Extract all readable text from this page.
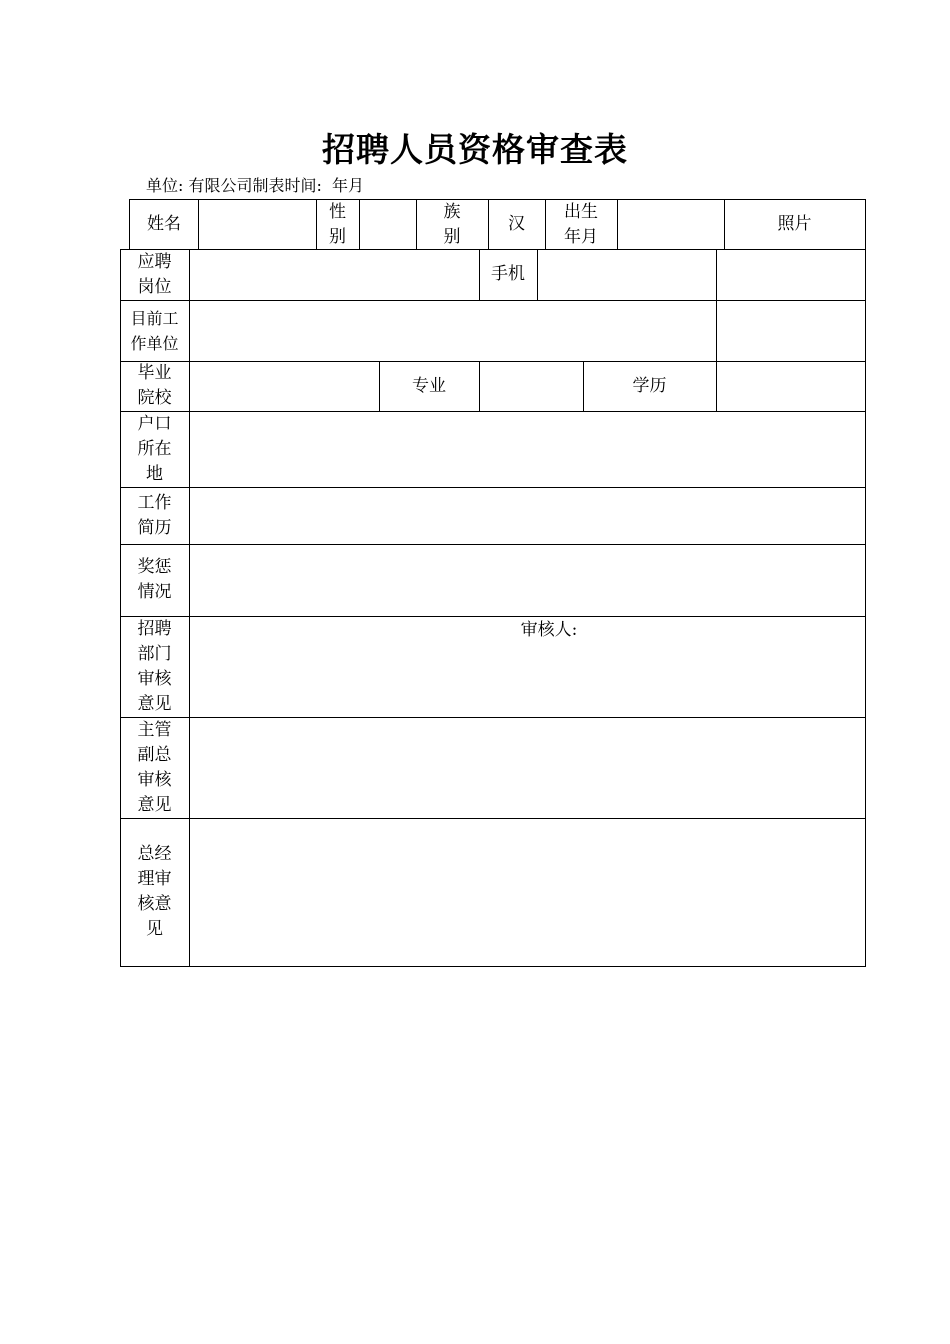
招聘人员资格审查表
单位: 有限公司制表时间:  年月
姓名
性别
族别
汉
出生年月
照片
应聘岗位
手机
目前工作单位
毕业院校
专业	学历
户口所在地
工作简历
奖惩情况
招聘部门审核意见
审核人:
主管副总审核意见
总经理审核意见
